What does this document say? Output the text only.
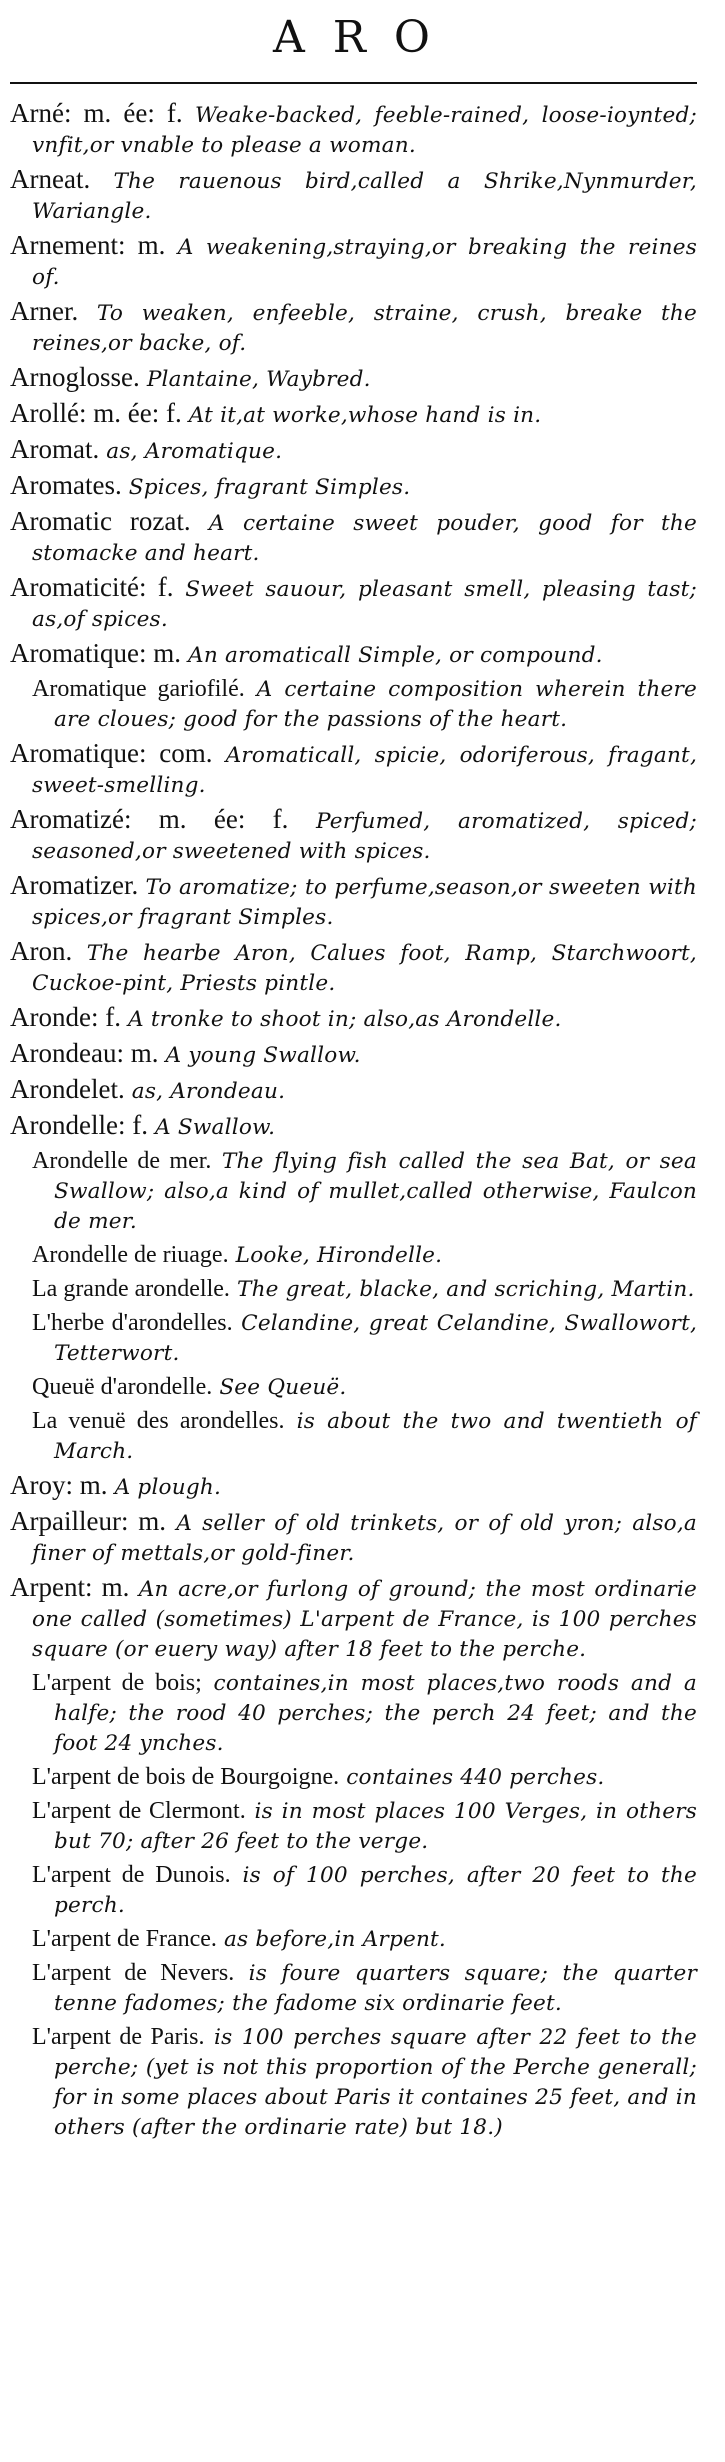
ARO
Arné: m. ée: f. Weake-backed, feeble-rained, loose-ioynted; vnfit,or vnable to please a woman.
Arneat. The rauenous bird,called a Shrike,Nynmurder, Wariangle.
Arnement: m. A weakening,straying,or breaking the reines of.
Arner. To weaken, enfeeble, straine, crush, breake the reines,or backe, of.
Arnoglosse. Plantaine, Waybred.
Arollé: m. ée: f. At it,at worke,whose hand is in.
Aromat. as, Aromatique.
Aromates. Spices, fragrant Simples.
Aromatic rozat. A certaine sweet pouder, good for the stomacke and heart.
Aromaticité: f. Sweet sauour, pleasant smell, pleasing tast; as,of spices.
Aromatique: m. An aromaticall Simple, or compound.
Aromatique gariofilé. A certaine composition wherein there are cloues; good for the passions of the heart.
Aromatique: com. Aromaticall, spicie, odoriferous, fragant, sweet-smelling.
Aromatizé: m. ée: f. Perfumed, aromatized, spiced; seasoned,or sweetened with spices.
Aromatizer. To aromatize; to perfume,season,or sweeten with spices,or fragrant Simples.
Aron. The hearbe Aron, Calues foot, Ramp, Starchwoort, Cuckoe-pint, Priests pintle.
Aronde: f. A tronke to shoot in; also,as Arondelle.
Arondeau: m. A young Swallow.
Arondelet. as, Arondeau.
Arondelle: f. A Swallow.
Arondelle de mer. The flying fish called the sea Bat, or sea Swallow; also,a kind of mullet,called otherwise, Faulcon de mer.
Arondelle de riuage. Looke, Hirondelle.
La grande arondelle. The great, blacke, and scriching, Martin.
L'herbe d'arondelles. Celandine, great Celandine, Swallowort, Tetterwort.
Queuë d'arondelle. See Queuë.
La venuë des arondelles. is about the two and twentieth of March.
Aroy: m. A plough.
Arpailleur: m. A seller of old trinkets, or of old yron; also,a finer of mettals,or gold-finer.
Arpent: m. An acre,or furlong of ground; the most ordinarie one called (sometimes) L'arpent de France, is 100 perches square (or euery way) after 18 feet to the perche.
L'arpent de bois; containes,in most places,two roods and a halfe; the rood 40 perches; the perch 24 feet; and the foot 24 ynches.
L'arpent de bois de Bourgoigne. containes 440 perches.
L'arpent de Clermont. is in most places 100 Verges, in others but 70; after 26 feet to the verge.
L'arpent de Dunois. is of 100 perches, after 20 feet to the perch.
L'arpent de France. as before,in Arpent.
L'arpent de Nevers. is foure quarters square; the quarter tenne fadomes; the fadome six ordinarie feet.
L'arpent de Paris. is 100 perches square after 22 feet to the perche; (yet is not this proportion of the Perche generall; for in some places about Paris it containes 25 feet, and in others (after the ordinarie rate) but 18.)
